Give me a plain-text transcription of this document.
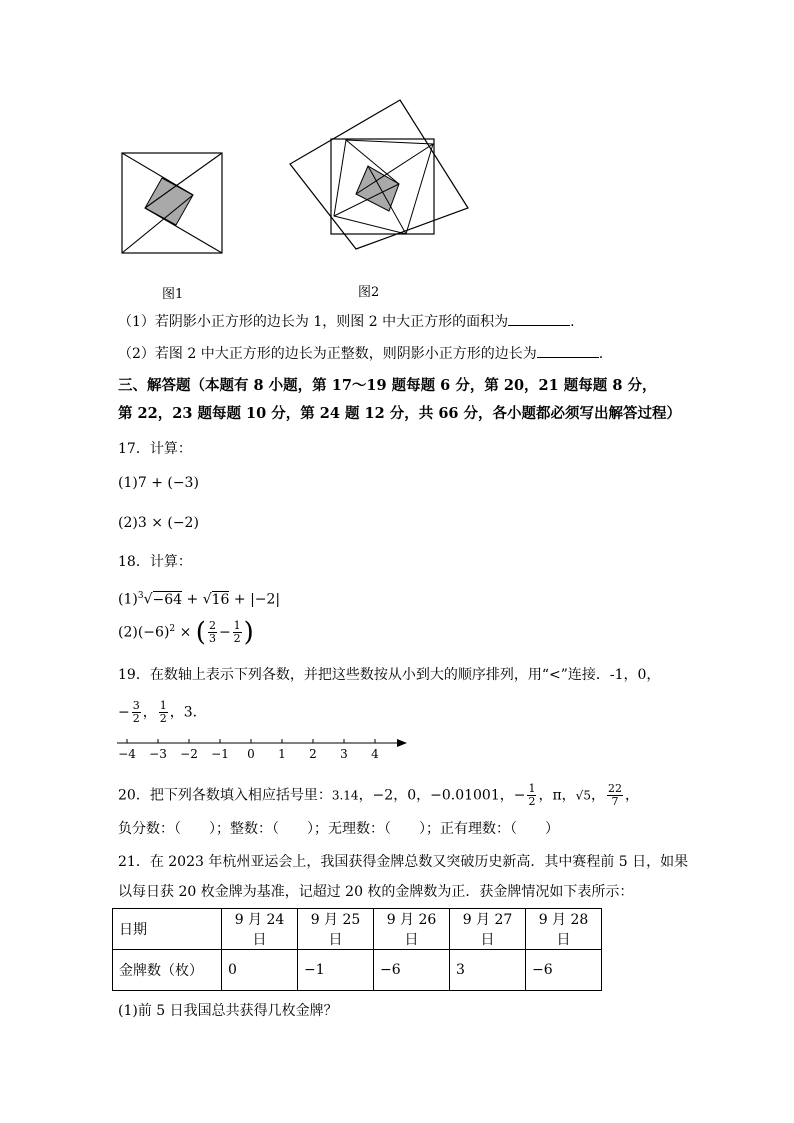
图1	图2
（1）若阴影小正方形的边长为 1，则图 2 中大正方形的面积为	.
（2）若图 2 中大正方形的边长为正整数，则阴影小正方形的边长为	.
三、解答题（本题有 8 小题，第 17～19 题每题 6 分，第 20，21 题每题 8 分，
第 22，23 题每题 10 分，第 24 题 12 分，共 66 分，各小题都必须写出解答过程）
17．计算：
(1)7 + (−3)
(2)3 × (−2)
18．计算：
$(1)^3√-64 + √16 + |-2|$
$(2)(-6)^2$ × ( $\frac{2}{3} - \frac{1}{2}$ )
19．在数轴上表示下列各数，并把这些数按从小到大的顺序排列，用“<”连接．-1，0，
− $\frac{3}{2}$ ， $\frac{1}{2}$ ，3．
−4 −3 −2 −1 0 1 2 3 4
20．把下列各数填入相应括号里：3.14̇，−2，0，−0.01001，− $\frac{1}{2}$ ，π，√5， $\frac{22}{7}$ ，
负分数：（　　）；整数：（　　）；无理数：（　　）；正有理数：（　　）
21．在 2023 年杭州亚运会上，我国获得金牌总数又突破历史新高．其中赛程前 5 日，如果
以每日获 20 枚金牌为基准，记超过 20 枚的金牌数为正．获金牌情况如下表所示：
日期	9 月 24 日	9 月 25 日	9 月 26 日	9 月 27 日	9 月 28 日
金牌数（枚）	0	−1	−6	3	−6
(1)前 5 日我国总共获得几枚金牌？
